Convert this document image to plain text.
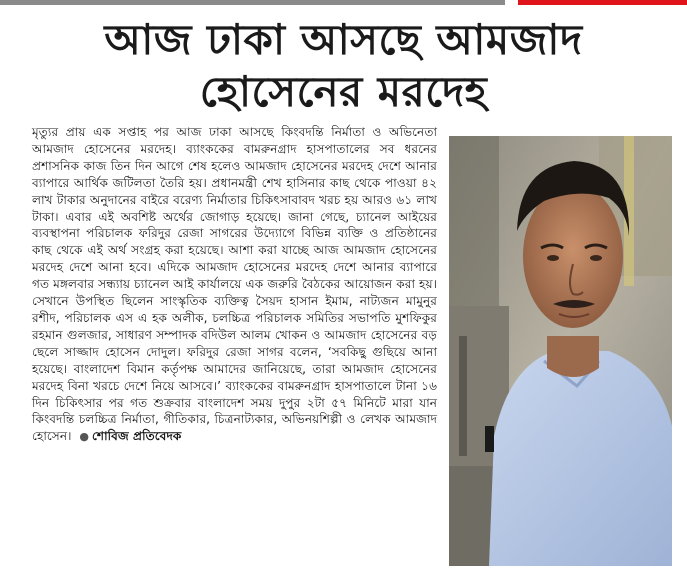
আজ ঢাকা আসছে আমজাদ
হোসেনের মরদেহ

মৃত্যুর প্রায় এক সপ্তাহ পর আজ ঢাকা আসছে কিংবদন্তি নির্মাতা ও অভিনেতা আমজাদ হোসেনের মরদেহ। ব্যাংককের বামরুনগ্রাদ হাসপাতালের সব ধরনের প্রশাসনিক কাজ তিন দিন আগে শেষ হলেও আমজাদ হোসেনের মরদেহ দেশে আনার ব্যাপারে আর্থিক জটিলতা তৈরি হয়। প্রধানমন্ত্রী শেখ হাসিনার কাছ থেকে পাওয়া ৪২ লাখ টাকার অনুদানের বাইরে বরেণ্য নির্মাতার চিকিৎসাবাবদ খরচ হয় আরও ৬১ লাখ টাকা। এবার এই অবশিষ্ট অর্থের জোগাড় হয়েছে। জানা গেছে, চ্যানেল আইয়ের ব্যবস্থাপনা পরিচালক ফরিদুর রেজা সাগরের উদ্যোগে বিভিন্ন ব্যক্তি ও প্রতিষ্ঠানের কাছ থেকে এই অর্থ সংগ্রহ করা হয়েছে। আশা করা যাচ্ছে আজ আমজাদ হোসেনের মরদেহ দেশে আনা হবে। এদিকে আমজাদ হোসেনের মরদেহ দেশে আনার ব্যাপারে গত মঙ্গলবার সন্ধ্যায় চ্যানেল আই কার্যালয়ে এক জরুরি বৈঠকের আয়োজন করা হয়। সেখানে উপস্থিত ছিলেন সাংস্কৃতিক ব্যক্তিত্ব সৈয়দ হাসান ইমাম, নাট্যজন মামুনুর রশীদ, পরিচালক এস এ হক অলীক, চলচ্চিত্র পরিচালক সমিতির সভাপতি মুশফিকুর রহমান গুলজার, সাধারণ সম্পাদক বদিউল আলম খোকন ও আমজাদ হোসেনের বড় ছেলে সাজ্জাদ হোসেন দোদুল। ফরিদুর রেজা সাগর বলেন, ‘সবকিছু গুছিয়ে আনা হয়েছে। বাংলাদেশ বিমান কর্তৃপক্ষ আমাদের জানিয়েছে, তারা আমজাদ হোসেনের মরদেহ বিনা খরচে দেশে নিয়ে আসবে।’ ব্যাংককের বামরুনগ্রাদ হাসপাতালে টানা ১৬ দিন চিকিৎসার পর গত শুক্রবার বাংলাদেশ সময় দুপুর ২টা ৫৭ মিনিটে মারা যান কিংবদন্তি চলচ্চিত্র নির্মাতা, গীতিকার, চিত্রনাট্যকার, অভিনয়শিল্পী ও লেখক আমজাদ হোসেন। ● শোবিজ প্রতিবেদক
